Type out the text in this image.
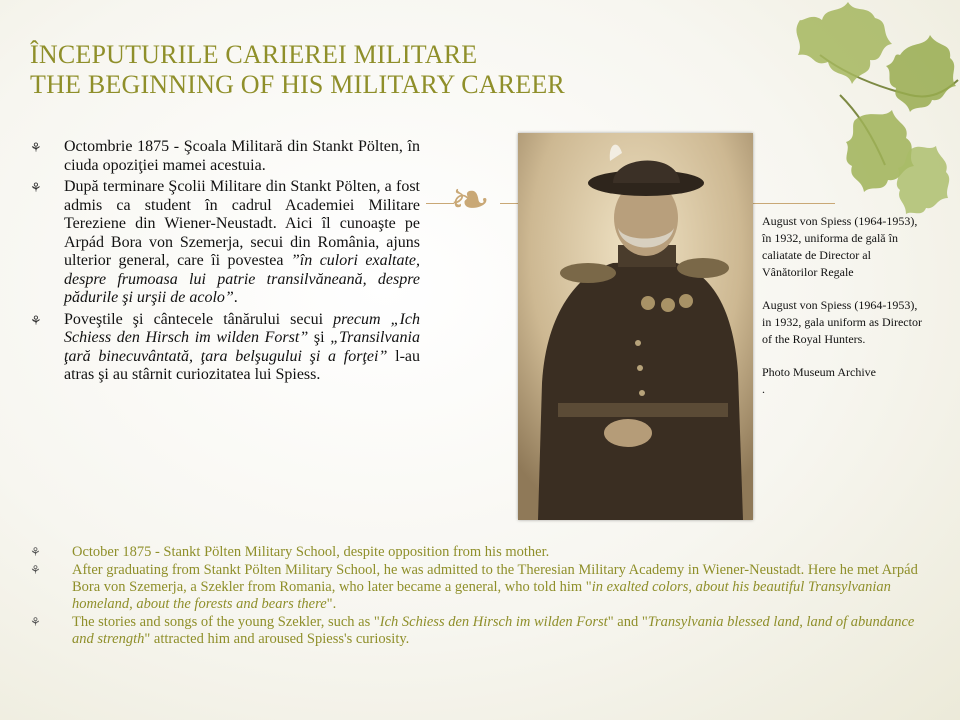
ÎNCEPUTURILE CARIEREI MILITARE
THE BEGINNING OF HIS MILITARY CAREER
❧
⚘	Octombrie 1875 - Şcoala Militară din Stankt Pölten, în ciuda opoziţiei mamei acestuia.
⚘	După terminare Şcolii Militare din Stankt Pölten, a fost admis ca student în cadrul Academiei Militare Tereziene din Wiener-Neustadt. Aici îl cunoaşte pe Arpád Bora von Szemerja, secui din România, ajuns ulterior general, care îi povestea ”în culori exaltate, despre frumoasa lui patrie transilvăneană, despre pădurile şi urşii de acolo”.
⚘	Poveştile şi cântecele tânărului secui precum „Ich Schiess den Hirsch im wilden Forst” şi „Transilvania ţară binecuvântată, ţara belşugului şi a forţei” l-au atras şi au stârnit curiozitatea lui Spiess.

August von Spiess (1964-1953), în 1932, uniforma de gală în caliatate de Director al Vânătorilor Regale

August von Spiess (1964-1953), in 1932, gala uniform as Director of the Royal Hunters.

Photo Museum Archive

.

⚘	October 1875 - Stankt Pölten Military School, despite opposition from his mother.
⚘	After graduating from Stankt Pölten Military School, he was admitted to the Theresian Military Academy in Wiener-Neustadt. Here he met Arpád Bora von Szemerja, a Szekler from Romania, who later became a general, who told him "in exalted colors, about his beautiful Transylvanian homeland, about the forests and bears there".
⚘	The stories and songs of the young Szekler, such as "Ich Schiess den Hirsch im wilden Forst" and "Transylvania blessed land, land of abundance and strength" attracted him and aroused Spiess's curiosity.
